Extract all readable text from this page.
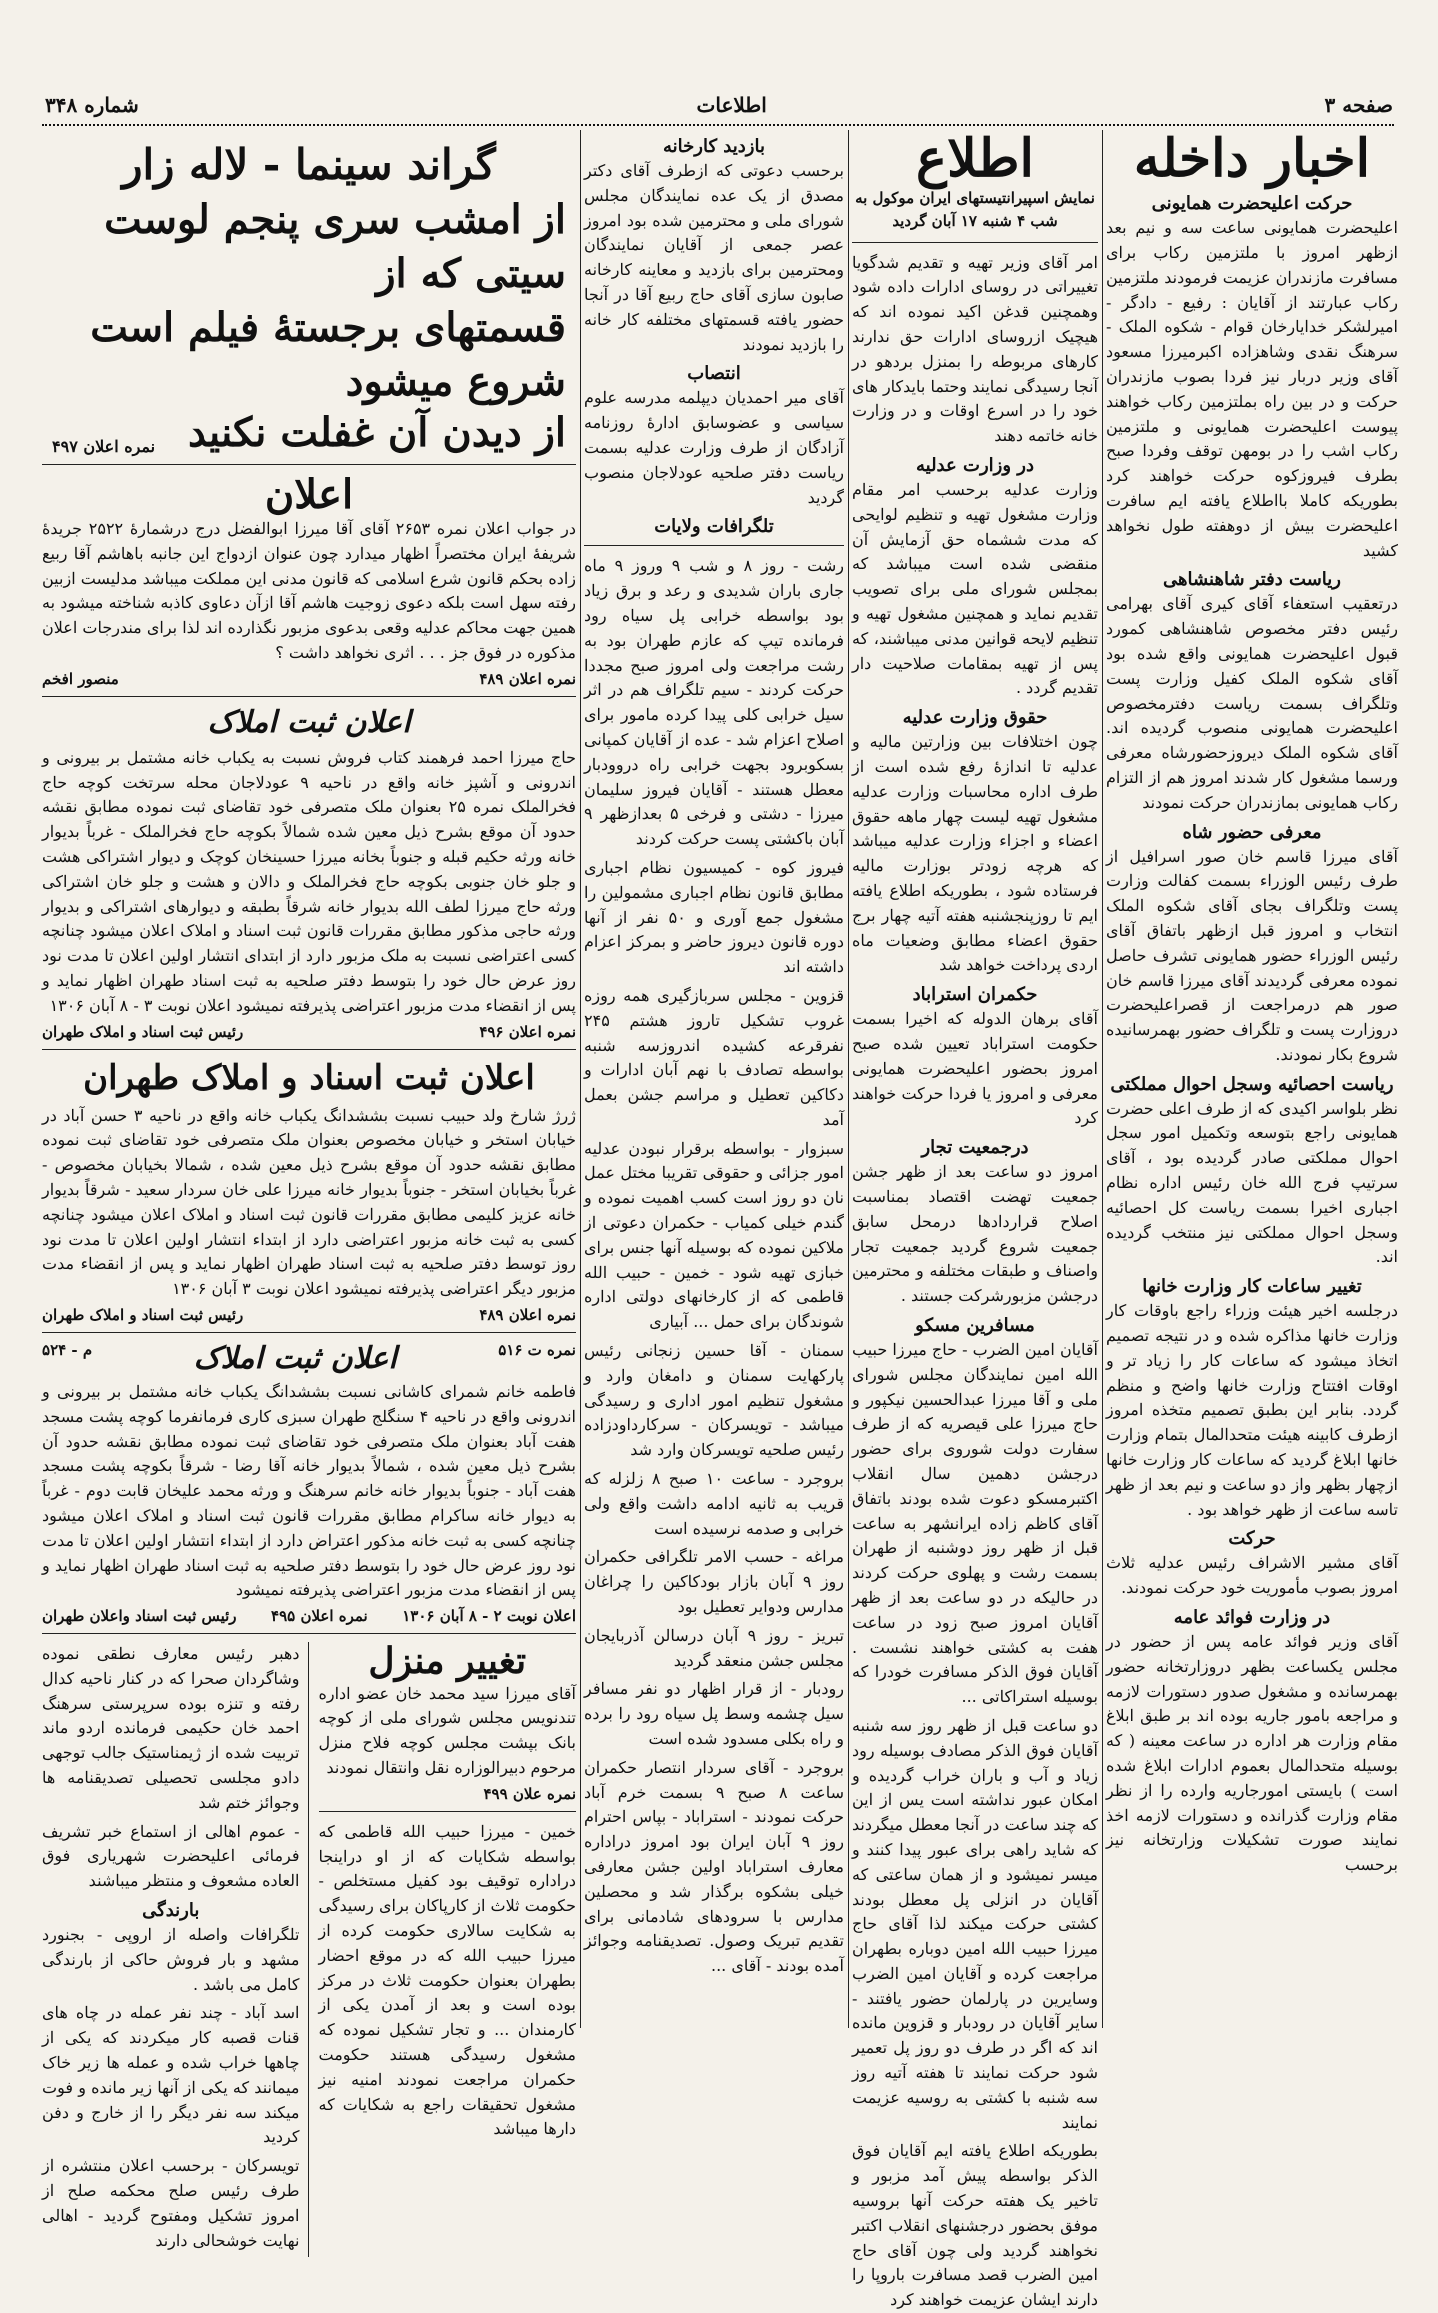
صفحه ۳
اطلاعات
شماره ۳۴۸
اخبار داخله
حرکت اعلیحضرت همایونی

اعلیحضرت همایونی ساعت سه و نیم بعد ازظهر امروز با ملتزمین رکاب برای مسافرت مازندران عزیمت فرمودند ملتزمین رکاب عبارتند از آقایان : رفیع - دادگر - امیرلشکر خدایارخان قوام - شکوه الملک - سرهنگ نقدی وشاهزاده اکبرمیرزا مسعود آقای وزیر دربار نیز فردا بصوب مازندران حرکت و در بین راه بملتزمین رکاب خواهند پیوست اعلیحضرت همایونی و ملتزمین رکاب اشب را در بومهن توقف وفردا صبح بطرف فیروزکوه حرکت خواهند کرد بطوریکه کاملا بااطلاع یافته ایم سافرت اعلیحضرت بیش از دوهفته طول نخواهد کشید

ریاست دفتر شاهنشاهی

درتعقیب استعفاء آقای کیری آقای بهرامی رئیس دفتر مخصوص شاهنشاهی کمورد قبول اعلیحضرت همایونی واقع شده بود آقای شکوه الملک کفیل وزارت پست وتلگراف بسمت ریاست دفترمخصوص اعلیحضرت همایونی منصوب گردیده اند. آقای شکوه الملک دیروزحضورشاه معرفی ورسما مشغول کار شدند امروز هم از التزام رکاب همایونی بمازندران حرکت نمودند

معرفی حضور شاه

آقای میرزا قاسم خان صور اسرافیل از طرف رئیس الوزراء بسمت کفالت وزارت پست وتلگراف بجای آقای شکوه الملک انتخاب و امروز قبل ازظهر باتفاق آقای رئیس الوزراء حضور همایونی تشرف حاصل نموده معرفی گردیدند آقای میرزا قاسم خان صور هم درمراجعت از قصراعلیحضرت دروزارت پست و تلگراف حضور بهمرسانیده شروع بکار نمودند.

ریاست احصائیه وسجل احوال مملکتی

نظر بلواسر اکیدی که از طرف اعلی حضرت همایونی راجع بتوسعه وتکمیل امور سجل احوال مملکتی صادر گردیده بود ، آقای سرتیپ فرج الله خان رئیس اداره نظام اجباری اخیرا بسمت ریاست کل احصائیه وسجل احوال مملکتی نیز منتخب گردیده اند.

تغییر ساعات کار وزارت خانها

درجلسه اخیر هیئت وزراء راجع باوقات کار وزارت خانها مذاکره شده و در نتیجه تصمیم اتخاذ میشود که ساعات کار را زیاد تر و اوقات افتتاح وزارت خانها واضح و منظم گردد. بنابر این بطبق تصمیم متخذه امروز ازطرف کابینه هیئت متحدالمال بتمام وزارت خانها ابلاغ گردید که ساعات کار وزارت خانها ازچهار بظهر واز دو ساعت و نیم بعد از ظهر تاسه ساعت از ظهر خواهد بود .

حرکت

آقای مشیر الاشراف رئیس عدلیه ثلاث امروز بصوب مأموریت خود حرکت نمودند.

در وزارت فوائد عامه

آقای وزیر فوائد عامه پس از حضور در مجلس یکساعت بظهر دروزارتخانه حضور بهمرسانده و مشغول صدور دستورات لازمه و مراجعه بامور جاریه بوده اند بر طبق ابلاغ مقام وزارت هر اداره در ساعت معینه ( که بوسیله متحدالمال بعموم ادارات ابلاغ شده است ) بایستی امورجاریه وارده را از نظر مقام وزارت گذرانده و دستورات لازمه اخذ نمایند صورت تشکیلات وزارتخانه نیز برحسب

اطلاع
نمایش اسپیرانتیستهای ایران موکول به شب ۴ شنبه ۱۷ آبان گردید

امر آقای وزیر تهیه و تقدیم شدگویا تغییراتی در روسای ادارات داده شود وهمچنین قدغن اکید نموده اند که هیچیک ازروسای ادارات حق ندارند کارهای مربوطه را بمنزل بردهو در آنجا رسیدگی نمایند وحتما بایدکار های خود را در اسرع اوقات و در وزارت خانه خاتمه دهند

در وزارت عدلیه

وزارت عدلیه برحسب امر مقام وزارت مشغول تهیه و تنظیم لوایحی که مدت ششماه حق آزمایش آن منقضی شده است میباشد که بمجلس شورای ملی برای تصویب تقدیم نماید و همچنین مشغول تهیه و تنظیم لایحه قوانین مدنی میباشند، که پس از تهیه بمقامات صلاحیت دار تقدیم گردد .

حقوق وزارت عدلیه

چون اختلافات بین وزارتین مالیه و عدلیه تا اندازهٔ رفع شده است از طرف اداره محاسبات وزارت عدلیه مشغول تهیه لیست چهار ماهه حقوق اعضاء و اجزاء وزارت عدلیه میباشد که هرچه زودتر بوزارت مالیه فرستاده شود ، بطوریکه اطلاع یافته ایم تا روزپنجشنبه هفته آتیه چهار برج حقوق اعضاء مطابق وضعیات ماه اردی پرداخت خواهد شد

حکمران استراباد

آقای برهان الدوله که اخیرا بسمت حکومت استراباد تعیین شده صبح امروز بحضور اعلیحضرت همایونی معرفی و امروز یا فردا حرکت خواهند کرد

درجمعیت تجار

امروز دو ساعت بعد از ظهر جشن جمعیت تهضت اقتصاد بمناسبت اصلاح قراردادها درمحل سابق جمعیت شروع گردید جمعیت تجار واصناف و طبقات مختلفه و محترمین درجشن مزبورشرکت جستند .

مسافرین مسکو

آقایان امین الضرب - حاج میرزا حبیب الله امین نمایندگان مجلس شورای ملی و آقا میرزا عبدالحسین نیکپور و حاج میرزا علی قیصریه که از طرف سفارت دولت شوروی برای حضور درجشن دهمین سال انقلاب اکتبرمسکو دعوت شده بودند باتفاق آقای کاظم زاده ایرانشهر به ساعت قبل از ظهر روز دوشنبه از طهران بسمت رشت و پهلوی حرکت کردند در حالیکه در دو ساعت بعد از ظهر آقایان امروز صبح زود در ساعت هفت به کشتی خواهند نشست . آقایان فوق الذکر مسافرت خودرا که بوسیله استراکاتی ...

دو ساعت قبل از ظهر روز سه شنبه آقایان فوق الذکر مصادف بوسیله رود زیاد و آب و باران خراب گردیده و امکان عبور نداشته است یس از این که چند ساعت در آنجا معطل میگردند که شاید راهی برای عبور پیدا کنند و میسر نمیشود و از همان ساعتی که آقایان در انزلی پل معطل بودند کشتی حرکت میکند لذا آقای حاج میرزا حبیب الله امین دوباره بطهران مراجعت کرده و آقایان امین الضرب وسایرین در پارلمان حضور یافتند - سایر آقایان در رودبار و قزوین مانده اند که اگر در طرف دو روز پل تعمیر شود حرکت نمایند تا هفته آتیه روز سه شنبه با کشتی به روسیه عزیمت نمایند

بطوریکه اطلاع یافته ایم آقایان فوق الذکر بواسطه پیش آمد مزبور و تاخیر یک هفته حرکت آنها بروسیه موفق بحضور درجشنهای انقلاب اکتبر نخواهند گردید ولی چون آقای حاج امین الضرب قصد مسافرت باروپا را دارند ایشان عزیمت خواهند کرد

بازدید کارخانه

برحسب دعوتی که ازطرف آقای دکتر مصدق از یک عده نمایندگان مجلس شورای ملی و محترمین شده بود امروز عصر جمعی از آقایان نمایندگان ومحترمین برای بازدید و معاینه کارخانه صابون سازی آقای حاج ربیع آقا در آنجا حضور یافته قسمتهای مختلفه کار خانه را بازدید نمودند

انتصاب

آقای میر احمدیان دیپلمه مدرسه علوم سیاسی و عضوسابق ادارهٔ روزنامه آزادگان از طرف وزارت عدلیه بسمت ریاست دفتر صلحیه عودلاجان منصوب گردید

تلگرافات ولایات

رشت - روز ۸ و شب ۹ وروز ۹ ماه جاری باران شدیدی و رعد و برق زیاد بود بواسطه خرابی پل سیاه رود فرمانده تیپ که عازم طهران بود به رشت مراجعت ولی امروز صبح مجددا حرکت کردند - سیم تلگراف هم در اثر سیل خرابی کلی پیدا کرده مامور برای اصلاح اعزام شد - عده از آقایان کمپانی بسکوبرود بجهت خرابی راه دروودبار معطل هستند - آقایان فیروز سلیمان میرزا - دشتی و فرخی ۵ بعدازظهر ۹ آبان باکشتی پست حرکت کردند

فیروز کوه - کمیسیون نظام اجباری مطابق قانون نظام اجباری مشمولین را مشغول جمع آوری و ۵۰ نفر از آنها دوره قانون دیروز حاضر و بمرکز اعزام داشته اند

قزوین - مجلس سربازگیری همه روزه غروب تشکیل تاروز هشتم ۲۴۵ نفرقرعه کشیده اندروزسه شنبه بواسطه تصادف با نهم آبان ادارات و دکاکین تعطیل و مراسم جشن بعمل آمد

سبزوار - بواسطه برقرار نبودن عدلیه امور جزائی و حقوقی تقریبا مختل عمل نان دو روز است کسب اهمیت نموده و گندم خیلی کمیاب - حکمران دعوتی از ملاکین نموده که بوسیله آنها جنس برای خبازی تهیه شود - خمین - حبیب الله قاطمی که از کارخانهای دولتی اداره شوندگان برای حمل ... آبیاری

سمنان - آقا حسین زنجانی رئیس پارکهایت سمنان و دامغان وارد و مشغول تنظیم امور اداری و رسیدگی میباشد - تویسرکان - سرکارداودزاده رئیس صلحیه تویسرکان وارد شد

بروجرد - ساعت ۱۰ صبح ۸ زلزله که قریب به ثانیه ادامه داشت واقع ولی خرابی و صدمه نرسیده است

مراغه - حسب الامر تلگرافی حکمران روز ۹ آبان بازار بودکاکین را چراغان مدارس ودوایر تعطیل بود

تبریز - روز ۹ آبان درسالن آذربایجان مجلس جشن منعقد گردید

رودبار - از قرار اظهار دو نفر مسافر سیل چشمه وسط پل سیاه رود را برده و راه بکلی مسدود شده است

بروجرد - آقای سردار انتصار حکمران ساعت ۸ صبح ۹ بسمت خرم آباد حرکت نمودند - استراباد - بپاس احترام روز ۹ آبان ایران بود امروز دراداره معارف استراباد اولین جشن معارفی خیلی بشکوه برگذار شد و محصلین مدارس با سرودهای شادمانی برای تقدیم تبریک وصول. تصدیقنامه وجوائز آمده بودند - آقای ...

گراند سینما - لاله زار
از امشب سری پنجم لوست سیتی که از
قسمتهای برجستهٔ فیلم است شروع میشود
از دیدن آن غفلت نکنید
نمره اعلان ۴۹۷
اعلان

در جواب اعلان نمره ۲۶۵۳ آقای آقا میرزا ابوالفضل درج درشمارهٔ ۲۵۲۲ جریدهٔ شریفهٔ ایران مختصراً اظهار میدارد چون عنوان ازدواج این جانبه باهاشم آقا ربیع زاده بحکم قانون شرع اسلامی که قانون مدنی این مملکت میباشد مدلیست ازبین رفته سهل است بلکه دعوی زوجیت هاشم آقا ازآن دعاوی کاذبه شناخته میشود به همین جهت محاکم عدلیه وقعی بدعوی مزبور نگذارده اند لذا برای مندرجات اعلان مذکوره در فوق جز . . . اثری نخواهد داشت ؟

نمره اعلان ۴۸۹
منصور افخم
اعلان ثبت املاک

حاج میرزا احمد فرهمند کتاب فروش نسبت به یکباب خانه مشتمل بر بیرونی و اندرونی و آشپز خانه واقع در ناحیه ۹ عودلاجان محله سرتخت کوچه حاج فخرالملک نمره ۲۵ بعنوان ملک متصرفی خود تقاضای ثبت نموده مطابق نقشه حدود آن موقع بشرح ذیل معین شده شمالاً بکوچه حاج فخرالملک - غرباً بدیوار خانه ورثه حکیم قبله و جنوباً بخانه میرزا حسینخان کوچک و دیوار اشتراکی هشت و جلو خان جنوبی بکوچه حاج فخرالملک و دالان و هشت و جلو خان اشتراکی ورثه حاج میرزا لطف الله بدیوار خانه شرقاً بطبقه و دیوارهای اشتراکی و بدیوار ورثه حاجی مذکور مطابق مقررات قانون ثبت اسناد و املاک اعلان میشود چنانچه کسی اعتراضی نسبت به ملک مزبور دارد از ابتدای انتشار اولین اعلان تا مدت نود روز عرض حال خود را بتوسط دفتر صلحیه به ثبت اسناد طهران اظهار نماید و پس از انقضاء مدت مزبور اعتراضی پذیرفته نمیشود اعلان نوبت ۳ - ۸ آبان ۱۳۰۶

نمره اعلان ۴۹۶
رئیس ثبت اسناد و املاک طهران
اعلان ثبت اسناد و املاک طهران

ژرژ شارخ ولد حبیب نسبت بششدانگ یکباب خانه واقع در ناحیه ۳ حسن آباد در خیابان استخر و خیابان مخصوص بعنوان ملک متصرفی خود تقاضای ثبت نموده مطابق نقشه حدود آن موقع بشرح ذیل معین شده ، شمالا بخیابان مخصوص - غرباً بخیابان استخر - جنوباً بدیوار خانه میرزا علی خان سردار سعید - شرقاً بدیوار خانه عزیز کلیمی مطابق مقررات قانون ثبت اسناد و املاک اعلان میشود چنانچه کسی به ثبت خانه مزبور اعتراضی دارد از ابتداء انتشار اولین اعلان تا مدت نود روز توسط دفتر صلحیه به ثبت اسناد طهران اظهار نماید و پس از انقضاء مدت مزبور دیگر اعتراضی پذیرفته نمیشود اعلان نوبت ۳ آبان ۱۳۰۶

نمره اعلان ۴۸۹
رئیس ثبت اسناد و املاک طهران
نمره ت ۵۱۶
اعلان ثبت املاک
م - ۵۲۴

فاطمه خانم شمرای کاشانی نسبت بششدانگ یکباب خانه مشتمل بر بیرونی و اندرونی واقع در ناحیه ۴ سنگلج طهران سبزی کاری فرمانفرما کوچه پشت مسجد هفت آباد بعنوان ملک متصرفی خود تقاضای ثبت نموده مطابق نقشه حدود آن بشرح ذیل معین شده ، شمالاً بدیوار خانه آقا رضا - شرقاً بکوچه پشت مسجد هفت آباد - جنوباً بدیوار خانه خانم سرهنگ و ورثه محمد علیخان قابت دوم - غرباً به دیوار خانه ساکرام مطابق مقررات قانون ثبت اسناد و املاک اعلان میشود چنانچه کسی به ثبت خانه مذکور اعتراض دارد از ابتداء انتشار اولین اعلان تا مدت نود روز عرض حال خود را بتوسط دفتر صلحیه به ثبت اسناد طهران اظهار نماید و پس از انقضاء مدت مزبور اعتراضی پذیرفته نمیشود

اعلان نوبت ۲ - ۸ آبان ۱۳۰۶
نمره اعلان ۴۹۵
رئیس ثبت اسناد واعلان طهران
تغییر منزل

آقای میرزا سید محمد خان عضو اداره تندنویس مجلس شورای ملی از کوچه بانک بپشت مجلس کوچه فلاح منزل مرحوم دبیرالوزاره نقل وانتقال نمودند

نمره علان ۴۹۹

خمین - میرزا حبیب الله قاطمی که بواسطه شکایات که از او دراینجا دراداره توقیف بود کفیل مستخلص - حکومت ثلاث از کارپاکان برای رسیدگی به شکایت سالاری حکومت کرده از میرزا حبیب الله که در موقع احضار بطهران بعنوان حکومت ثلاث در مرکز بوده است و بعد از آمدن یکی از کارمندان ... و تجار تشکیل نموده که مشغول رسیدگی هستند حکومت حکمران مراجعت نمودند امنیه نیز مشغول تحقیقات راجع به شکایات که دارها میباشد

دهبر رئیس معارف نطقی نموده وشاگردان صحرا که در کنار ناحیه کدال رفته و تنزه بوده سرپرستی سرهنگ احمد خان حکیمی فرمانده اردو ماند تربیت شده از ژیمناستیک جالب توجهی دادو مجلسی تحصیلی تصدیقنامه ها وجوائز ختم شد

- عموم اهالی از استماع خبر تشریف فرمائی اعلیحضرت شهریاری فوق العاده مشعوف و منتظر میباشند

بارندگی

تلگرافات واصله از اروپی - بجنورد مشهد و بار فروش حاکی از بارندگی کامل می باشد .

اسد آباد - چند نفر عمله در چاه های قنات قصبه کار میکردند که یکی از چاهها خراب شده و عمله ها زیر خاک میمانند که یکی از آنها زیر مانده و فوت میکند سه نفر دیگر را از خارج و دفن کردید

تویسرکان - برحسب اعلان منتشره از طرف رئیس صلح محکمه صلح از امروز تشکیل ومفتوح گردید - اهالی نهایت خوشحالی دارند
